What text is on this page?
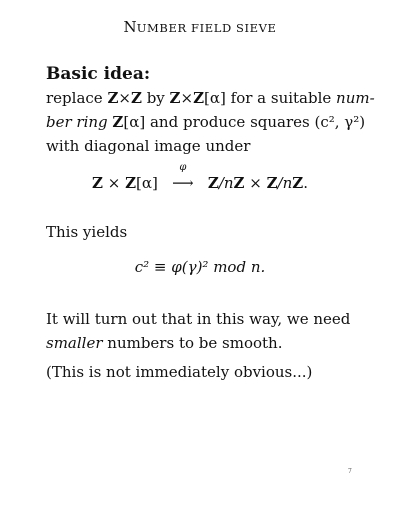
NUMBER FIELD SIEVE
Basic idea:
replace Z×Z by Z×Z[α] for a suitable num-
ber ring Z[α] and produce squares (c², γ²)
with diagonal image under
Z × Z[α]
φ
⟶ Z/nZ × Z/nZ.
This yields
c² ≡ φ(γ)² mod n.
It will turn out that in this way, we need
smaller numbers to be smooth.
(This is not immediately obvious...)
7
